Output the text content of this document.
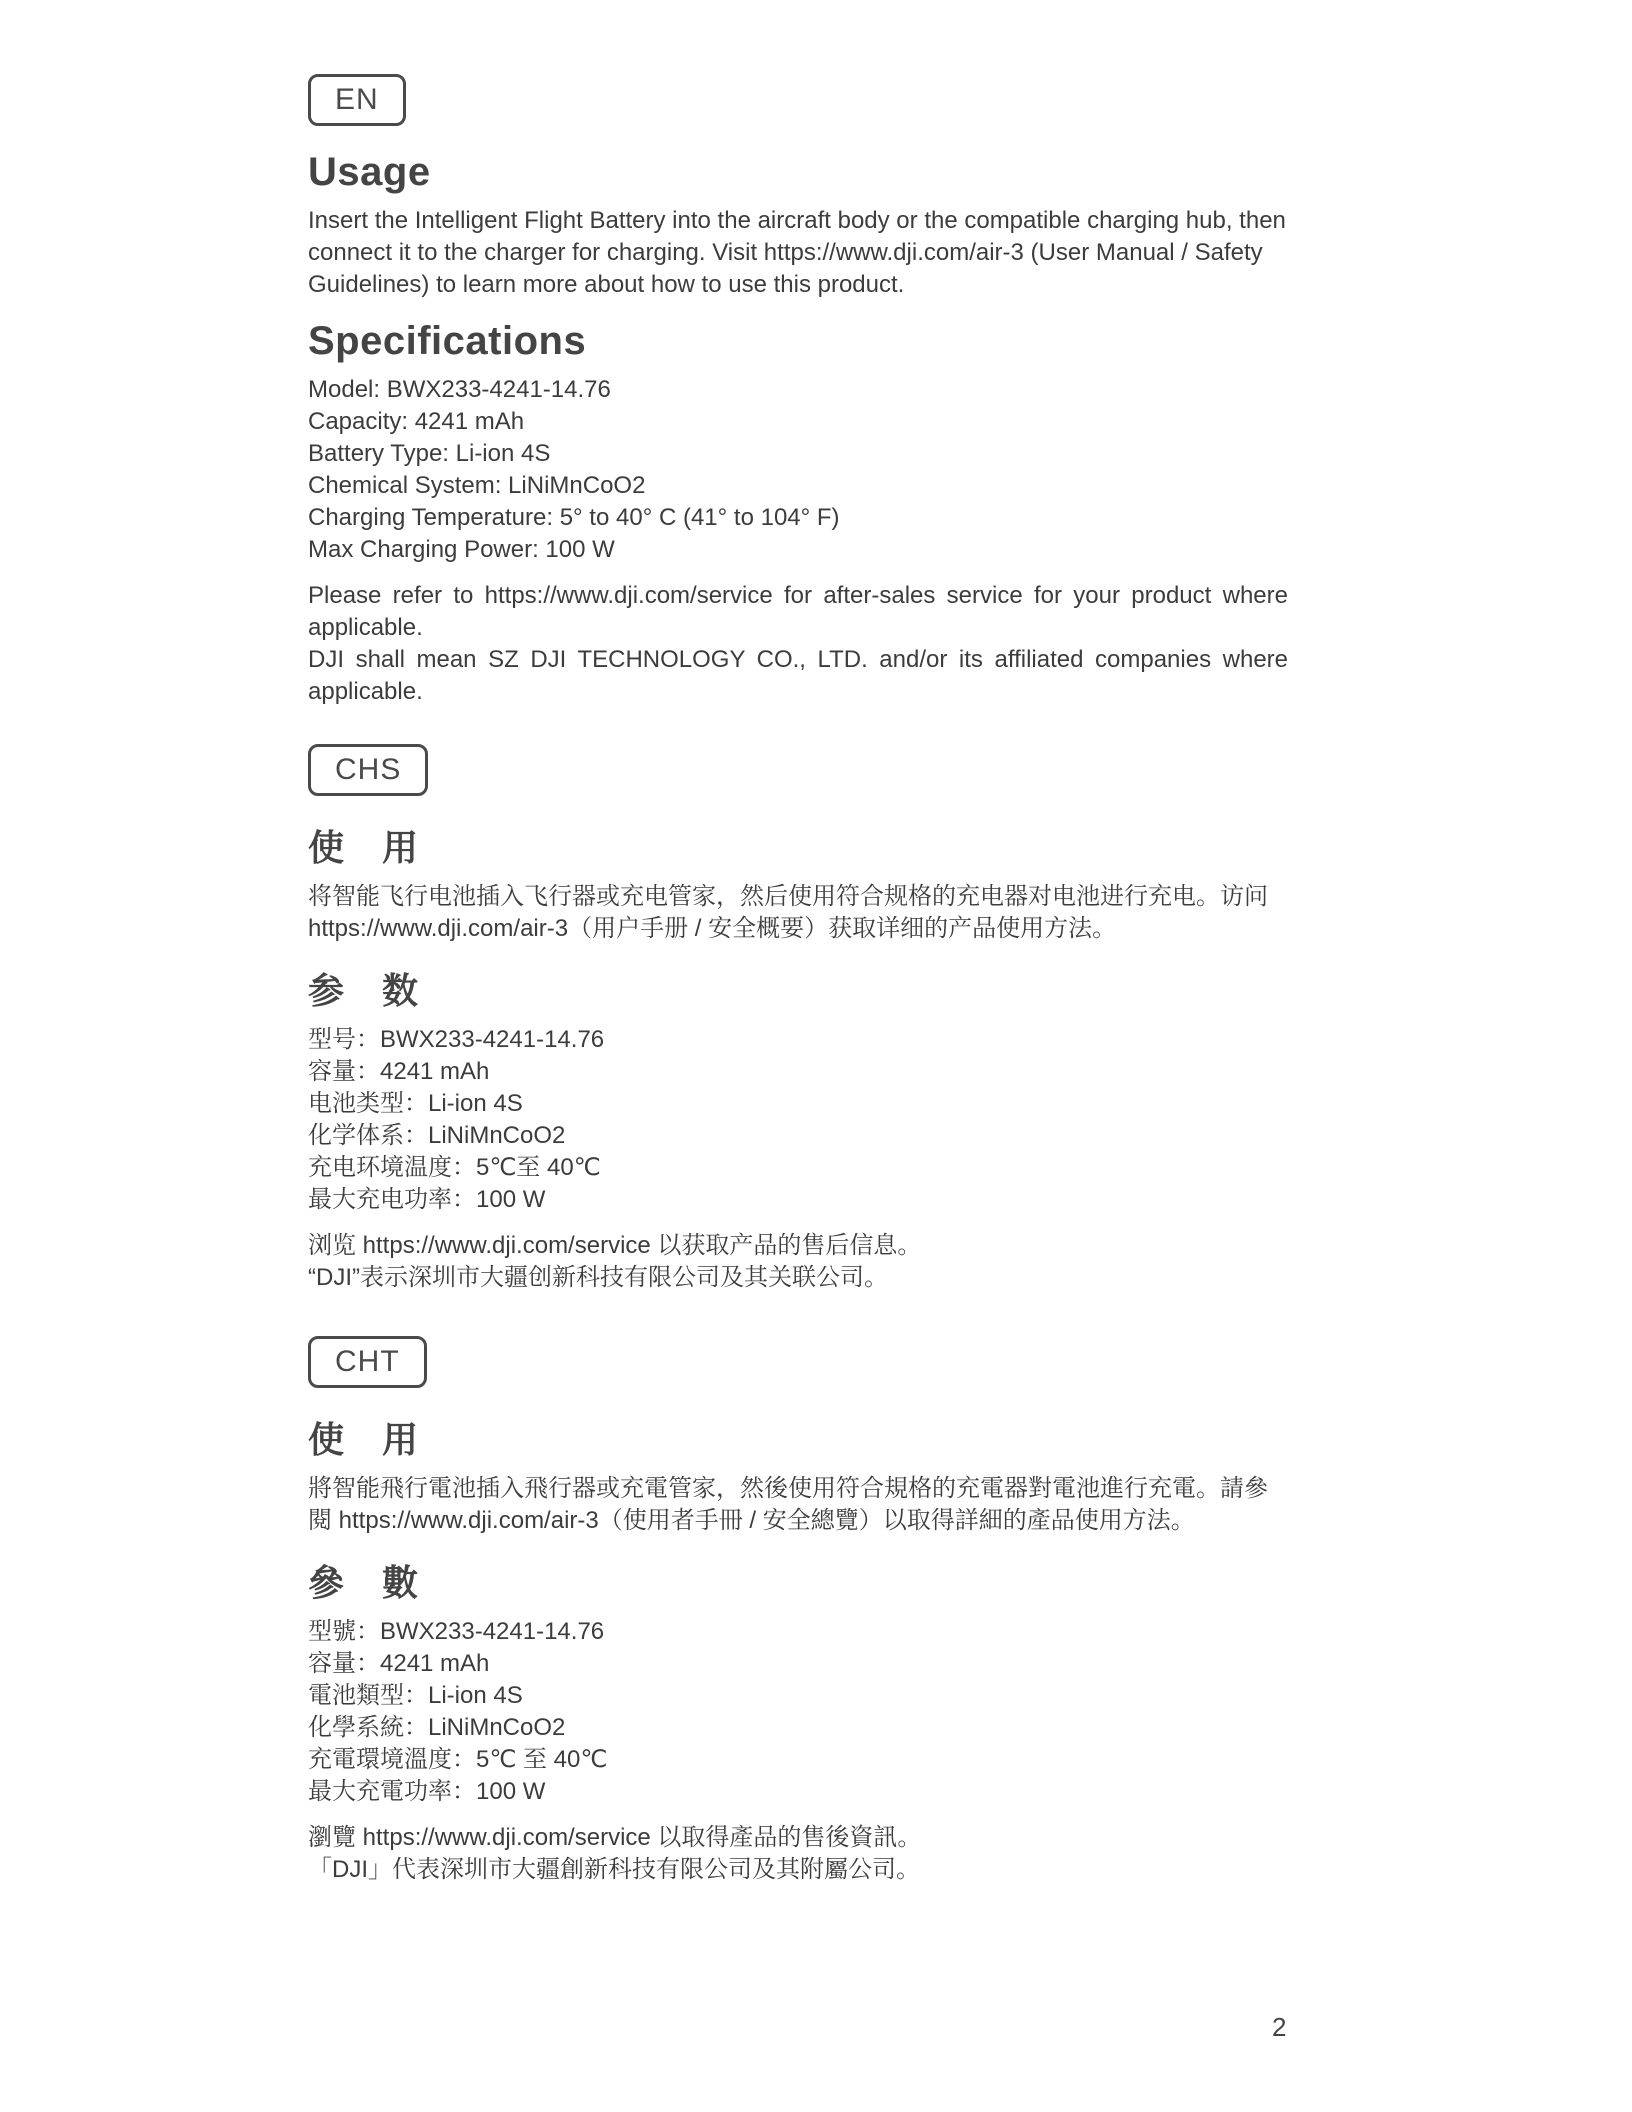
EN
Usage

Insert the Intelligent Flight Battery into the aircraft body or the compatible charging hub, then connect it to the charger for charging. Visit https://www.dji.com/air-3 (User Manual / Safety Guidelines) to learn more about how to use this product.

Specifications
Model: BWX233-4241-14.76
Capacity: 4241 mAh
Battery Type: Li-ion 4S
Chemical System: LiNiMnCoO2
Charging Temperature: 5° to 40° C (41° to 104° F)
Max Charging Power: 100 W

Please refer to https://www.dji.com/service for after-sales service for your product where applicable.

DJI shall mean SZ DJI TECHNOLOGY CO., LTD. and/or its affiliated companies where applicable.

CHS
使 用

将智能飞行电池插入飞行器或充电管家，然后使用符合规格的充电器对电池进行充电。访问 https://www.dji.com/air-3（用户手册 / 安全概要）获取详细的产品使用方法。

参 数
型号：BWX233-4241-14.76
容量：4241 mAh
电池类型：Li-ion 4S
化学体系：LiNiMnCoO2
充电环境温度：5℃至 40℃
最大充电功率：100 W

浏览 https://www.dji.com/service 以获取产品的售后信息。

“DJI”表示深圳市大疆创新科技有限公司及其关联公司。

CHT
使 用

將智能飛行電池插入飛行器或充電管家，然後使用符合規格的充電器對電池進行充電。請參閱 https://www.dji.com/air-3（使用者手冊 / 安全總覽）以取得詳細的產品使用方法。

參 數
型號：BWX233-4241-14.76
容量：4241 mAh
電池類型：Li-ion 4S
化學系統：LiNiMnCoO2
充電環境溫度：5℃ 至 40℃
最大充電功率：100 W

瀏覽 https://www.dji.com/service 以取得產品的售後資訊。

「DJI」代表深圳市大疆創新科技有限公司及其附屬公司。

2
